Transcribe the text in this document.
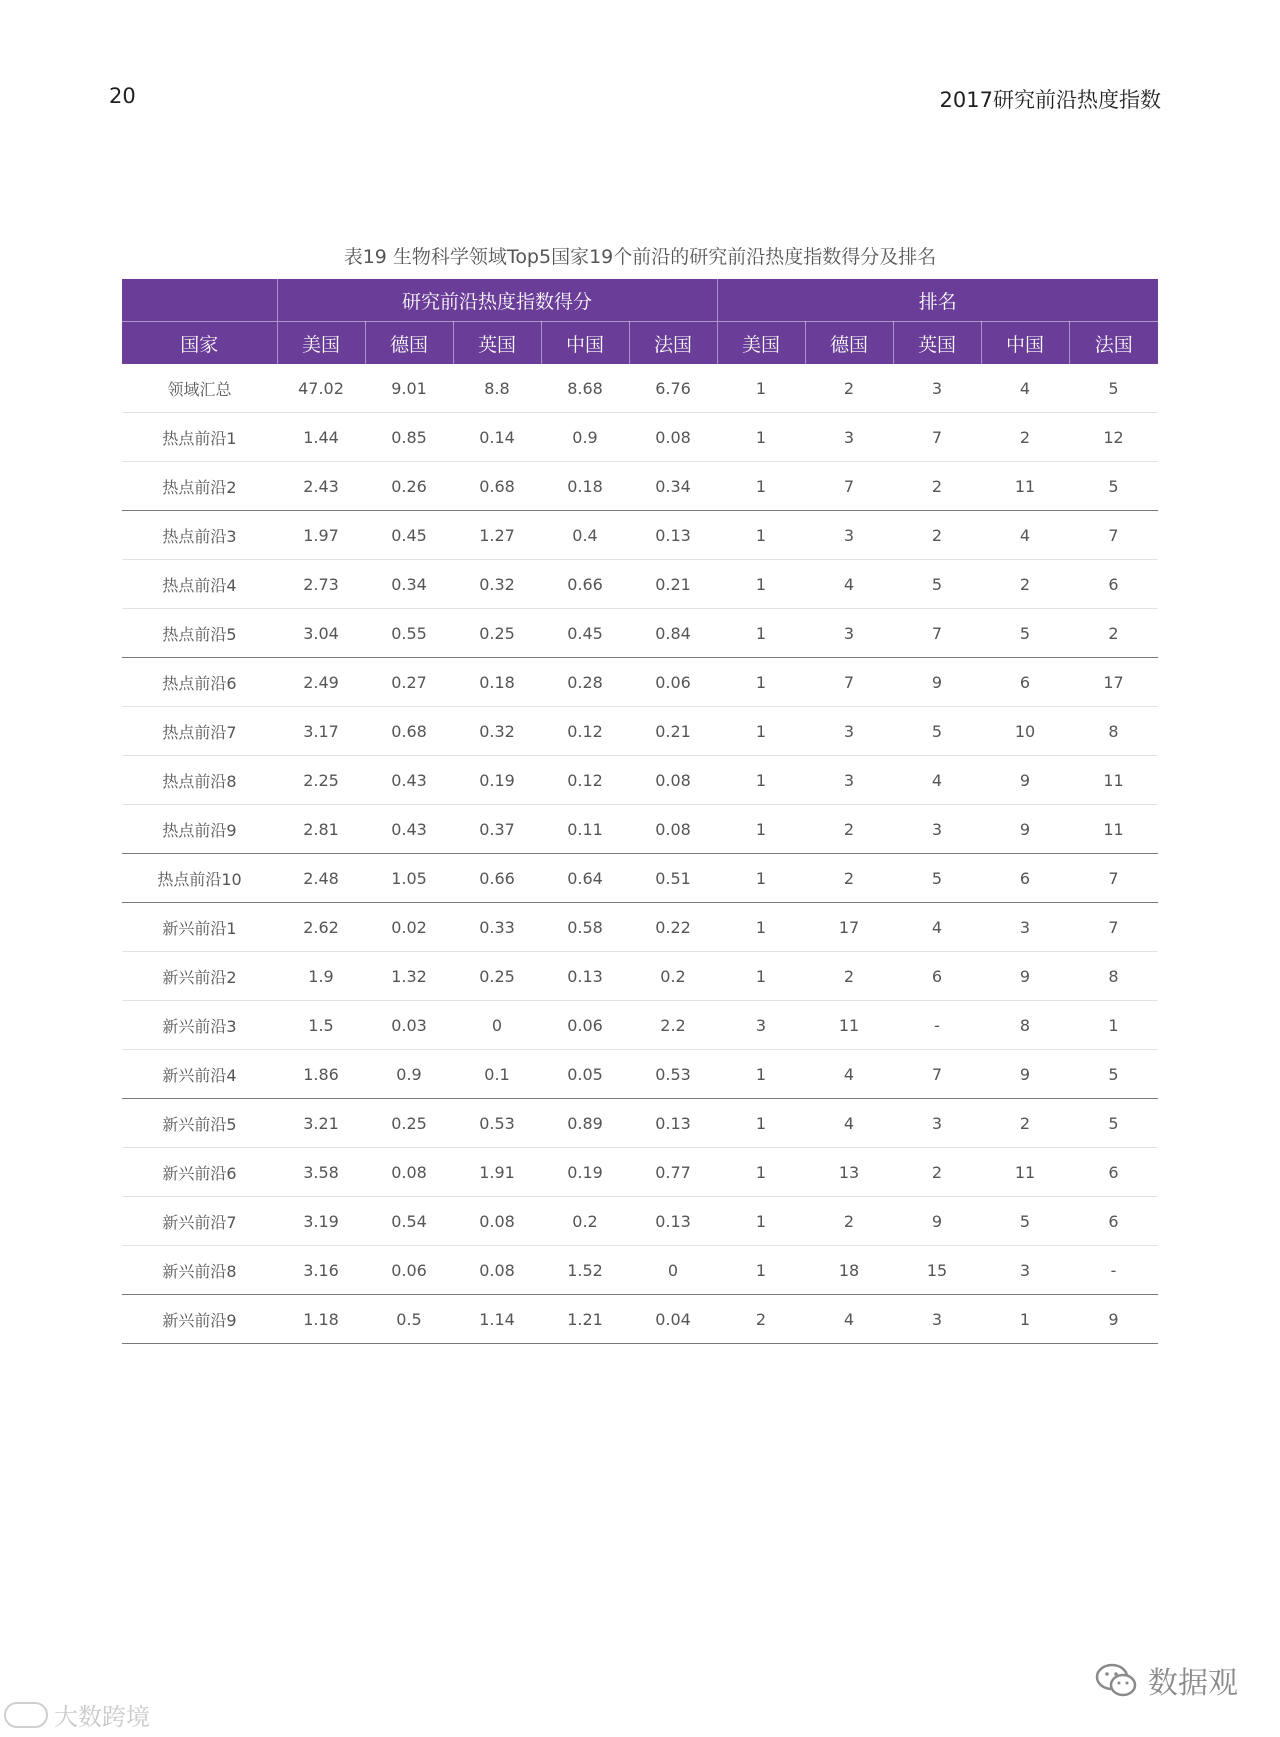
20	2017研究前沿热度指数
表19 生物科学领域Top5国家19个前沿的研究前沿热度指数得分及排名
	研究前沿热度指数得分					排名				
国家	美国	德国	英国	中国	法国	美国	德国	英国	中国	法国
领域汇总	47.02	9.01	8.8	8.68	6.76	1	2	3	4	5
热点前沿1	1.44	0.85	0.14	0.9	0.08	1	3	7	2	12
热点前沿2	2.43	0.26	0.68	0.18	0.34	1	7	2	11	5
热点前沿3	1.97	0.45	1.27	0.4	0.13	1	3	2	4	7
热点前沿4	2.73	0.34	0.32	0.66	0.21	1	4	5	2	6
热点前沿5	3.04	0.55	0.25	0.45	0.84	1	3	7	5	2
热点前沿6	2.49	0.27	0.18	0.28	0.06	1	7	9	6	17
热点前沿7	3.17	0.68	0.32	0.12	0.21	1	3	5	10	8
热点前沿8	2.25	0.43	0.19	0.12	0.08	1	3	4	9	11
热点前沿9	2.81	0.43	0.37	0.11	0.08	1	2	3	9	11
热点前沿10	2.48	1.05	0.66	0.64	0.51	1	2	5	6	7
新兴前沿1	2.62	0.02	0.33	0.58	0.22	1	17	4	3	7
新兴前沿2	1.9	1.32	0.25	0.13	0.2	1	2	6	9	8
新兴前沿3	1.5	0.03	0	0.06	2.2	3	11	-	8	1
新兴前沿4	1.86	0.9	0.1	0.05	0.53	1	4	7	9	5
新兴前沿5	3.21	0.25	0.53	0.89	0.13	1	4	3	2	5
新兴前沿6	3.58	0.08	1.91	0.19	0.77	1	13	2	11	6
新兴前沿7	3.19	0.54	0.08	0.2	0.13	1	2	9	5	6
新兴前沿8	3.16	0.06	0.08	1.52	0	1	18	15	3	-
新兴前沿9	1.18	0.5	1.14	1.21	0.04	2	4	3	1	9
大数跨境
数据观
